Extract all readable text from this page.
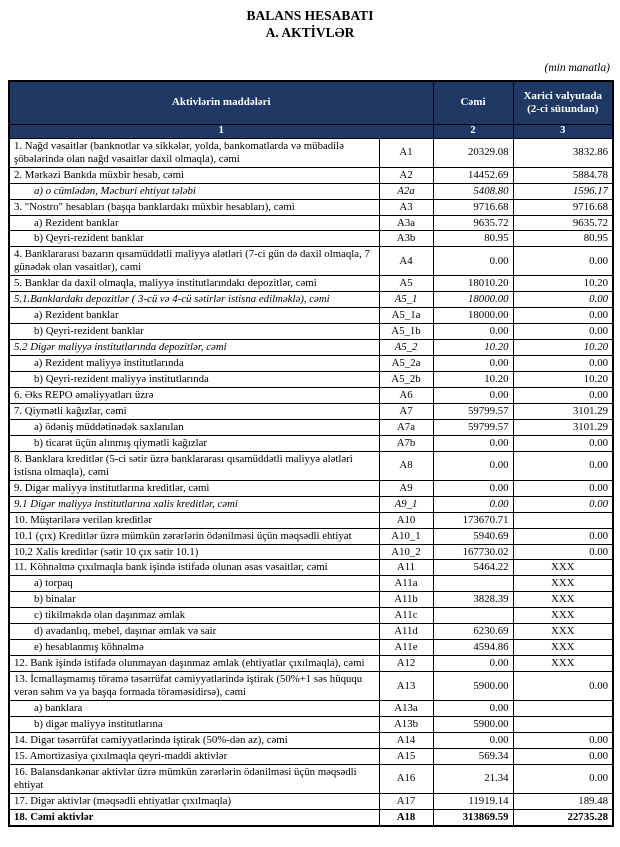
BALANS HESABATI
A. AKTİVLƏR
(min manatla)
Aktivlərin maddələri		Cəmi	Xarici valyutada (2-ci sütundan)
1		2	3
1. Nağd vəsaitlər (banknotlar və sikkələr, yolda, bankomatlarda və mübadilə şöbələrində olan nağd vəsaitlər daxil olmaqla), cəmi	A1	20329.08	3832.86
2. Mərkəzi Bankda müxbir hesab, cəmi	A2	14452.69	5884.78
a) o cümlədən, Məcburi ehtiyat tələbi	A2a	5408.80	1596.17
3. "Nostro" hesabları (başqa banklardakı müxbir hesabları), cəmi	A3	9716.68	9716.68
a) Rezident banklar	A3a	9635.72	9635.72
b) Qeyri-rezident banklar	A3b	80.95	80.95
4. Banklararası bazarın qısamüddətli maliyyə alətləri (7-ci gün də daxil olmaqla, 7 günədək olan vəsaitlər), cəmi	A4	0.00	0.00
5. Banklar da daxil olmaqla, maliyyə institutlarındakı depozitlər, cəmi	A5	18010.20	10.20
5.1.Banklardakı depozitlər ( 3-cü və 4-cü sətirlər istisna edilməklə), cəmi	A5_1	18000.00	0.00
a) Rezident banklar	A5_1a	18000.00	0.00
b) Qeyri-rezident banklar	A5_1b	0.00	0.00
5.2 Digər maliyyə institutlarında depozitlər, cəmi	A5_2	10.20	10.20
a) Rezident maliyyə institutlarında	A5_2a	0.00	0.00
b) Qeyri-rezident maliyyə institutlarında	A5_2b	10.20	10.20
6. Əks REPO əməliyyatları üzrə	A6	0.00	0.00
7. Qiymətli kağızlar, cəmi	A7	59799.57	3101.29
a) ödəniş müddətinədək saxlanılan	A7a	59799.57	3101.29
b) ticarət üçün alınmış qiymətli kağızlar	A7b	0.00	0.00
8. Banklara kreditlər (5-ci sətir üzrə banklararası qısamüddətli maliyyə alətləri istisna olmaqla), cəmi	A8	0.00	0.00
9. Digər maliyyə institutlarına kreditlər, cəmi	A9	0.00	0.00
9.1 Digər maliyyə institutlarına xalis kreditlər, cəmi	A9_1	0.00	0.00
10. Müştərilərə verilən kreditlər	A10	173670.71	
10.1 (çıx) Kreditlər üzrə mümkün zərərlərin ödənilməsi üçün məqsədli ehtiyat	A10_1	5940.69	0.00
10.2 Xalis kreditlər (sətir 10 çıx sətir 10.1)	A10_2	167730.02	0.00
11. Köhnəlmə çıxılmaqla bank işində istifadə olunan əsas vəsaitlər, cəmi	A11	5464.22	XXX
a) torpaq	A11a		XXX
b) binalar	A11b	3828.39	XXX
c) tikilməkdə olan daşınmaz əmlak	A11c		XXX
d) avadanlıq, mebel, daşınar əmlak və sair	A11d	6230.69	XXX
e) hesablanmış köhnəlmə	A11e	4594.86	XXX
12. Bank işində istifadə olunmayan daşınmaz əmlak (ehtiyatlar çıxılmaqla), cəmi	A12	0.00	XXX
13. İcmallaşmamış törəmə təsərrüfat cəmiyyətlərində iştirak (50%+1 səs hüququ verən səhm və ya başqa formada törəməsidirsə), cəmi	A13	5900.00	0.00
a) banklara	A13a	0.00	
b) digər maliyyə institutlarına	A13b	5900.00	
14. Digər təsərrüfat cəmiyyətlərində iştirak (50%-dən az), cəmi	A14	0.00	0.00
15. Amortizasiya çıxılmaqla qeyri-maddi aktivlər	A15	569.34	0.00
16. Balansdankənar aktivlər üzrə mümkün zərərlərin ödənilməsi üçün məqsədli ehtiyat	A16	21.34	0.00
17. Digər aktivlər (məqsədli ehtiyatlar çıxılmaqla)	A17	11919.14	189.48
18. Cəmi aktivlər	A18	313869.59	22735.28
